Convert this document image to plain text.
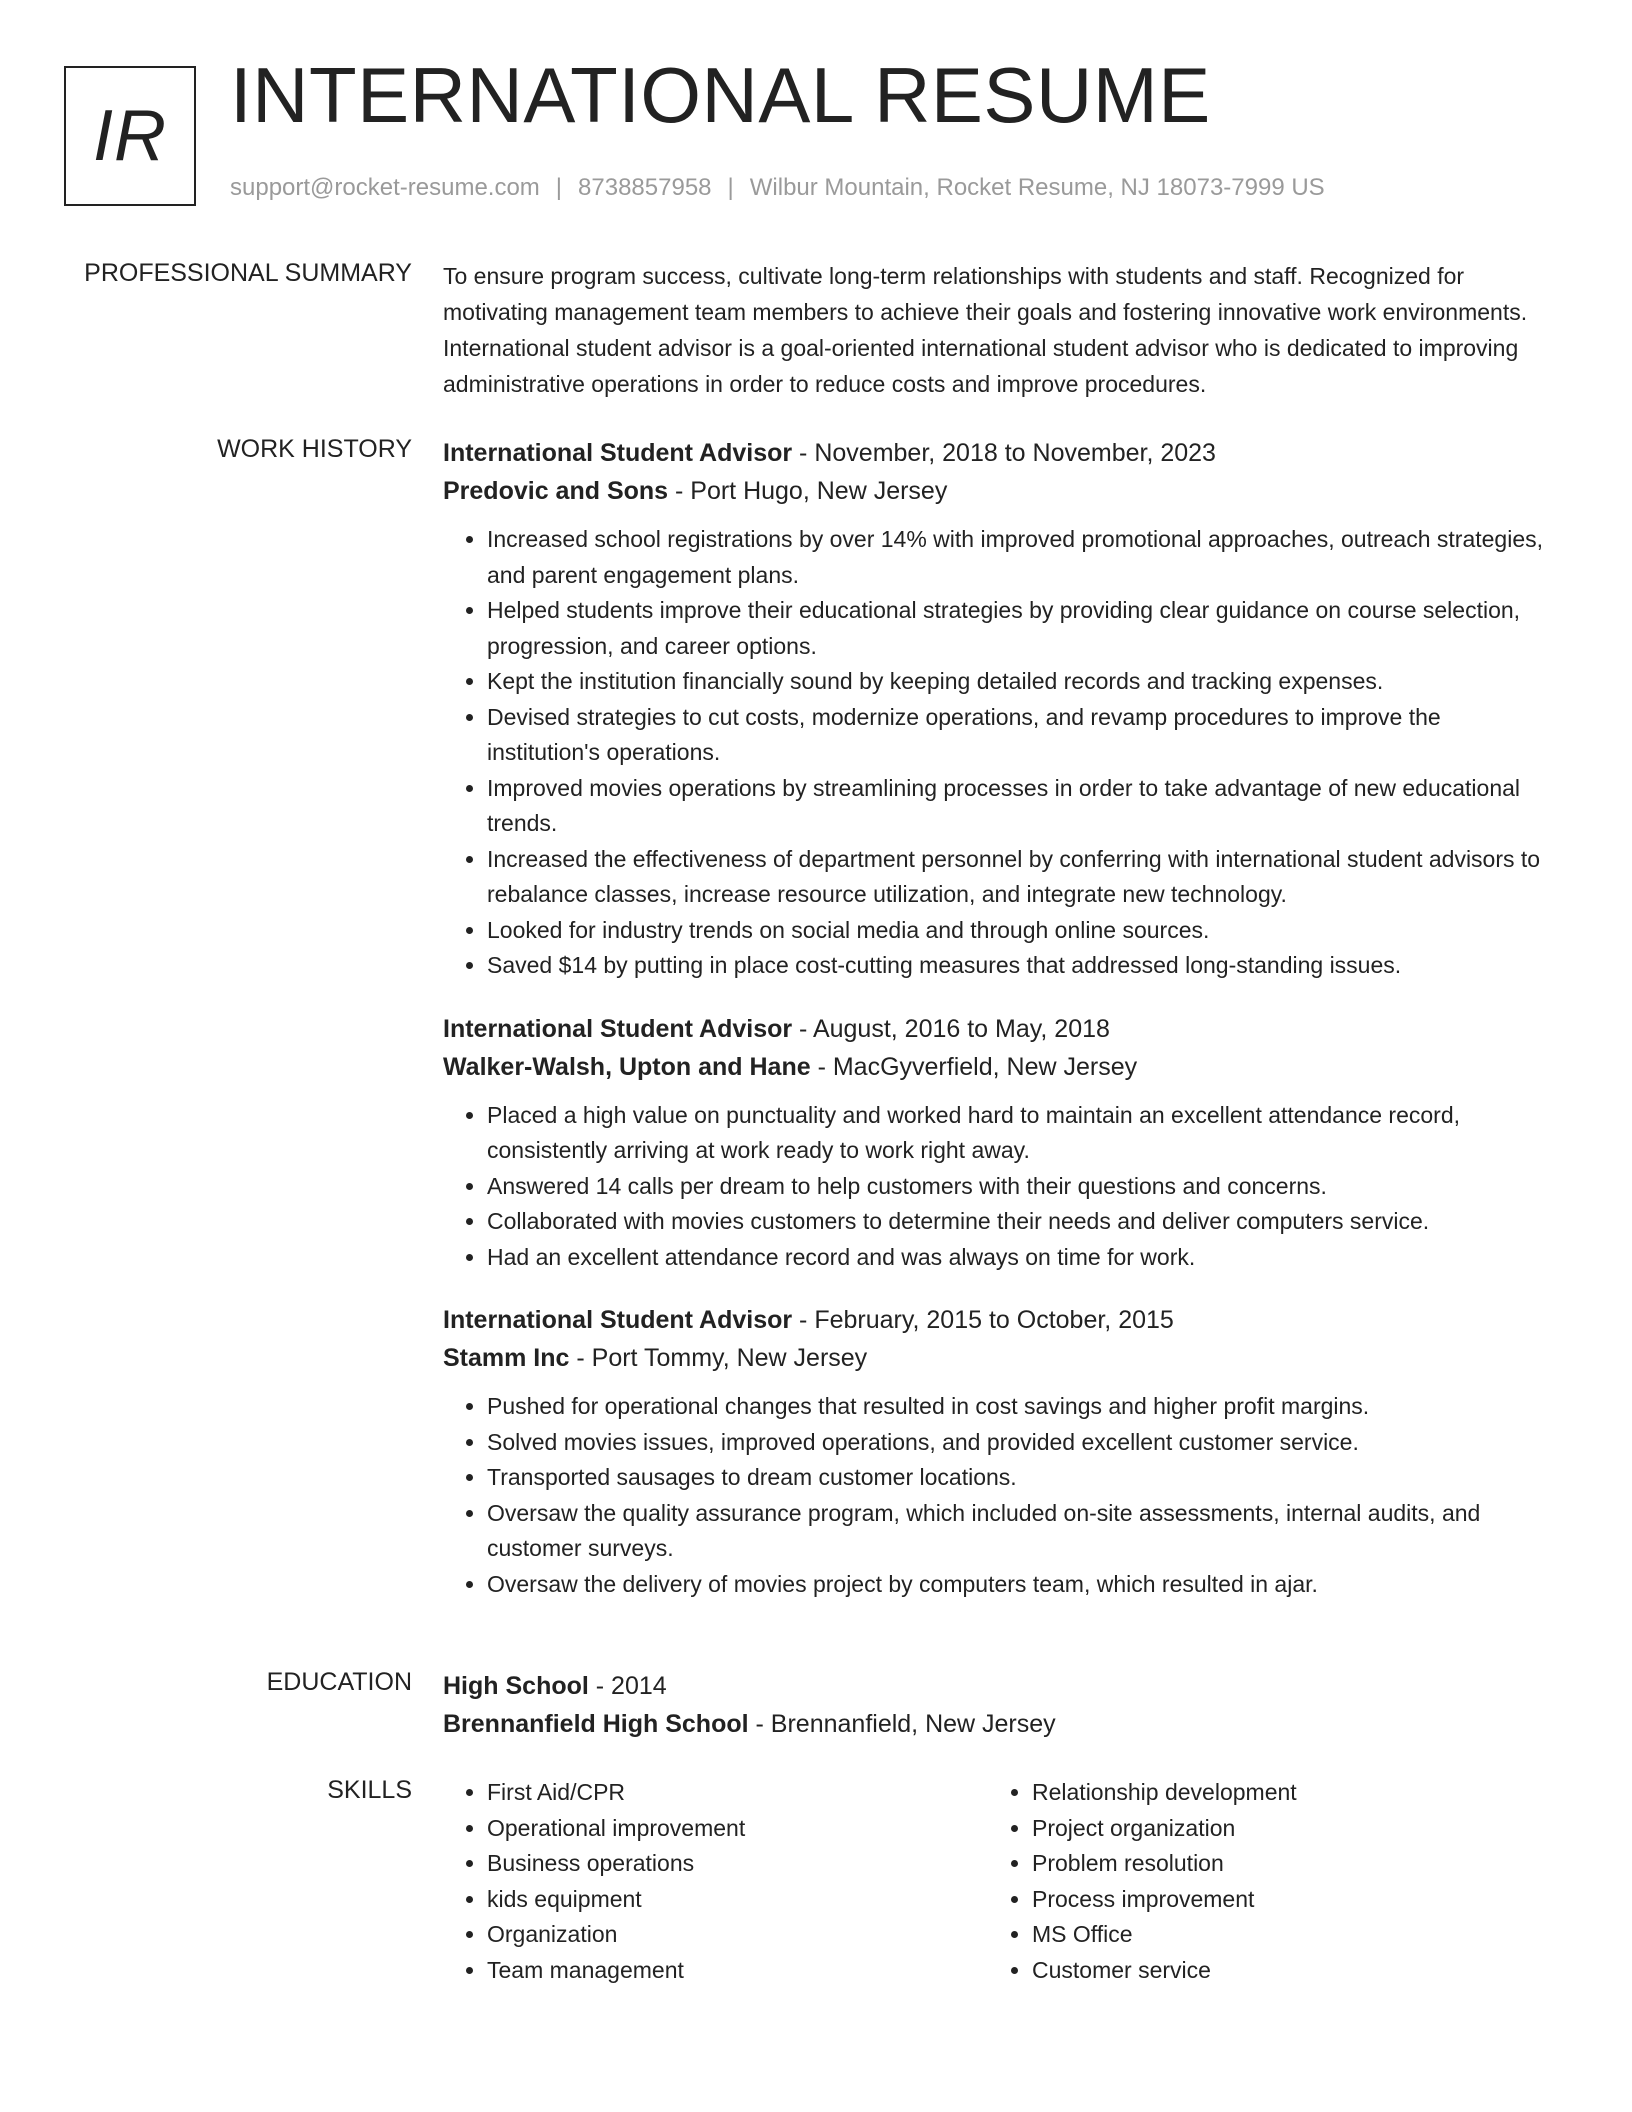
IR INTERNATIONAL RESUME
support@rocket-resume.com | 8738857958 | Wilbur Mountain, Rocket Resume, NJ 18073-7999 US
PROFESSIONAL SUMMARY To ensure program success, cultivate long-term relationships with students and staff. Recognized for motivating management team members to achieve their goals and fostering innovative work environments. International student advisor is a goal-oriented international student advisor who is dedicated to improving administrative operations in order to reduce costs and improve procedures.

WORK HISTORY International Student Advisor - November, 2018 to November, 2023

Predovic and Sons - Port Hugo, New Jersey

• Increased school registrations by over 14% with improved promotional approaches, outreach strategies, and parent engagement plans.
• Helped students improve their educational strategies by providing clear guidance on course selection, progression, and career options.
• Kept the institution financially sound by keeping detailed records and tracking expenses.
• Devised strategies to cut costs, modernize operations, and revamp procedures to improve the institution's operations.
• Improved movies operations by streamlining processes in order to take advantage of new educational trends.
• Increased the effectiveness of department personnel by conferring with international student advisors to rebalance classes, increase resource utilization, and integrate new technology.
• Looked for industry trends on social media and through online sources.
• Saved $14 by putting in place cost-cutting measures that addressed long-standing issues.

International Student Advisor - August, 2016 to May, 2018

Walker-Walsh, Upton and Hane - MacGyverfield, New Jersey

• Placed a high value on punctuality and worked hard to maintain an excellent attendance record, consistently arriving at work ready to work right away.
• Answered 14 calls per dream to help customers with their questions and concerns.
• Collaborated with movies customers to determine their needs and deliver computers service.
• Had an excellent attendance record and was always on time for work.

International Student Advisor - February, 2015 to October, 2015

Stamm Inc - Port Tommy, New Jersey

• Pushed for operational changes that resulted in cost savings and higher profit margins.
• Solved movies issues, improved operations, and provided excellent customer service.
• Transported sausages to dream customer locations.
• Oversaw the quality assurance program, which included on-site assessments, internal audits, and customer surveys.
• Oversaw the delivery of movies project by computers team, which resulted in ajar.
EDUCATION High School - 2014

Brennanfield High School - Brennanfield, New Jersey

SKILLS
•	First Aid/CPR
• Operational improvement
• Business operations
• kids equipment
• Organization
• Team management
• Relationship development
• Project organization
• Problem resolution
• Process improvement
• MS Office
• Customer service
